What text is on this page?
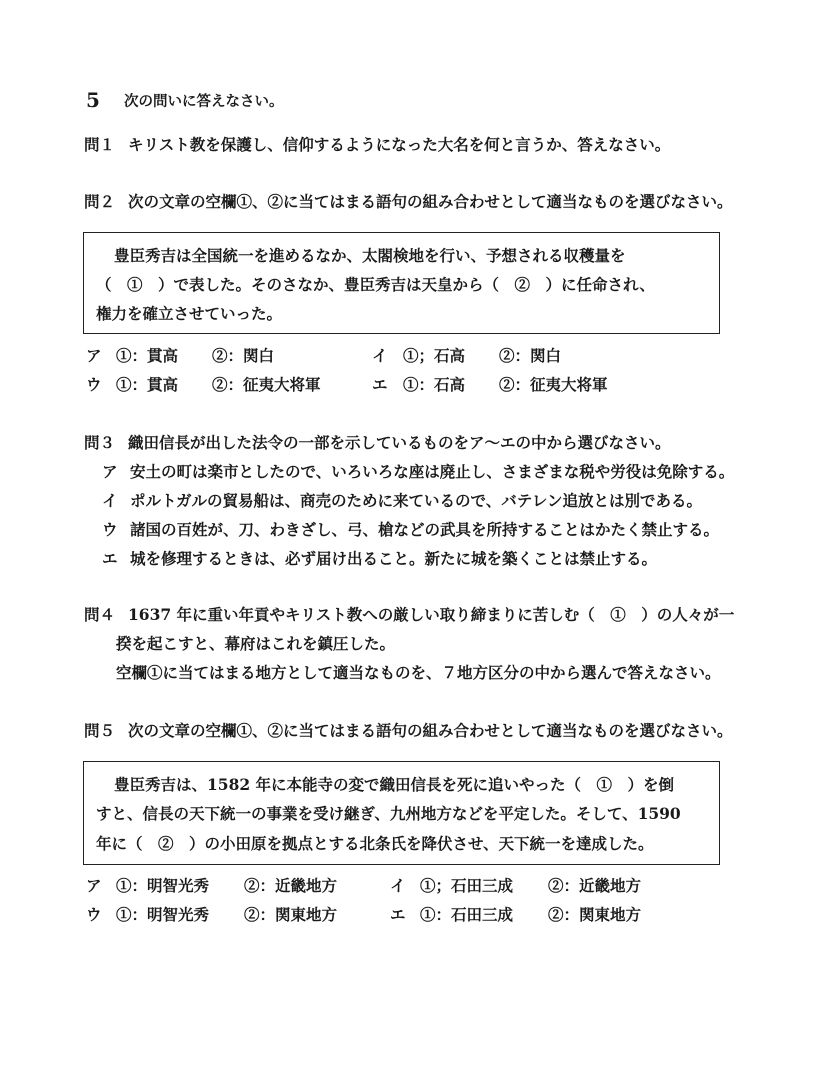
5 次の問いに答えなさい。
問１ キリスト教を保護し、信仰するようになった大名を何と言うか、答えなさい。
問２ 次の文章の空欄①、②に当てはまる語句の組み合わせとして適当なものを選びなさい。
豊臣秀吉は全国統一を進めるなか、太閤検地を行い、予想される収穫量を
（　①　）で表した。そのさなか、豊臣秀吉は天皇から（　②　）に任命され、
権力を確立させていった。
ア ①：貫高 ②：関白	イ ①；石高 ②：関白
ウ ①：貫高 ②：征夷大将軍	エ ①：石高 ②：征夷大将軍
問３ 織田信長が出した法令の一部を示しているものをア～エの中から選びなさい。
ア 安土の町は楽市としたので、いろいろな座は廃止し、さまざまな税や労役は免除する。
イ ポルトガルの貿易船は、商売のために来ているので、バテレン追放とは別である。
ウ 諸国の百姓が、刀、わきざし、弓、槍などの武具を所持することはかたく禁止する。
エ 城を修理するときは、必ず届け出ること。新たに城を築くことは禁止する。
問４ 1637 年に重い年貢やキリスト教への厳しい取り締まりに苦しむ（　①　）の人々が一
揆を起こすと、幕府はこれを鎮圧した。
空欄①に当てはまる地方として適当なものを、７地方区分の中から選んで答えなさい。
問５ 次の文章の空欄①、②に当てはまる語句の組み合わせとして適当なものを選びなさい。
豊臣秀吉は、1582 年に本能寺の変で織田信長を死に追いやった（　①　）を倒
すと、信長の天下統一の事業を受け継ぎ、九州地方などを平定した。そして、1590
年に（　②　）の小田原を拠点とする北条氏を降伏させ、天下統一を達成した。
ア ①：明智光秀 ②：近畿地方	イ ①；石田三成 ②：近畿地方
ウ ①：明智光秀 ②：関東地方	エ ①：石田三成 ②：関東地方
